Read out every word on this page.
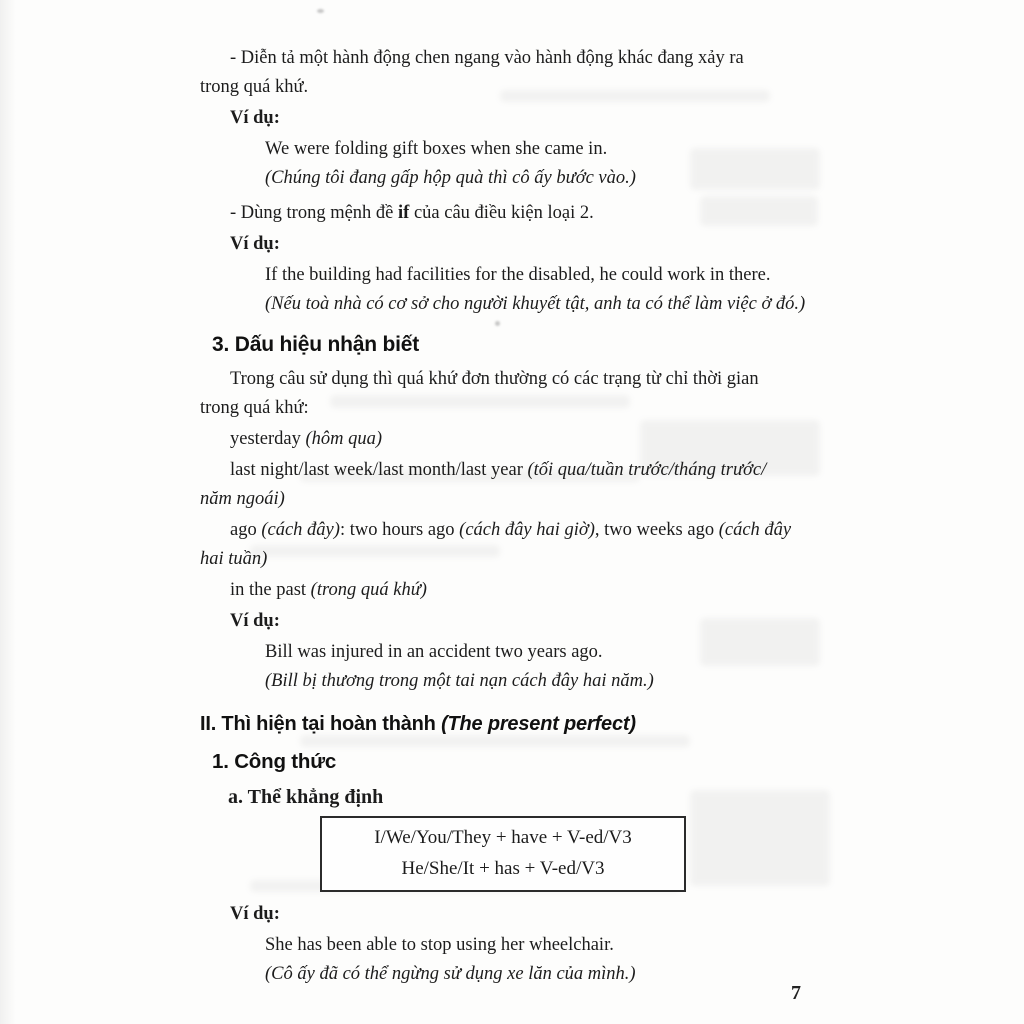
- Diễn tả một hành động chen ngang vào hành động khác đang xảy ra
trong quá khứ.
Ví dụ:
We were folding gift boxes when she came in.
(Chúng tôi đang gấp hộp quà thì cô ấy bước vào.)
- Dùng trong mệnh đề if của câu điều kiện loại 2.
Ví dụ:
If the building had facilities for the disabled, he could work in there.
(Nếu toà nhà có cơ sở cho người khuyết tật, anh ta có thể làm việc ở đó.)
3. Dấu hiệu nhận biết
Trong câu sử dụng thì quá khứ đơn thường có các trạng từ chỉ thời gian
trong quá khứ:
yesterday (hôm qua)
last night/last week/last month/last year (tối qua/tuần trước/tháng trước/
năm ngoái)
ago (cách đây): two hours ago (cách đây hai giờ), two weeks ago (cách đây
hai tuần)
in the past (trong quá khứ)
Ví dụ:
Bill was injured in an accident two years ago.
(Bill bị thương trong một tai nạn cách đây hai năm.)
II. Thì hiện tại hoàn thành (The present perfect)
1. Công thức
a. Thể khẳng định
I/We/You/They + have + V-ed/V3
He/She/It + has + V-ed/V3
Ví dụ:
She has been able to stop using her wheelchair.
(Cô ấy đã có thể ngừng sử dụng xe lăn của mình.)
7
